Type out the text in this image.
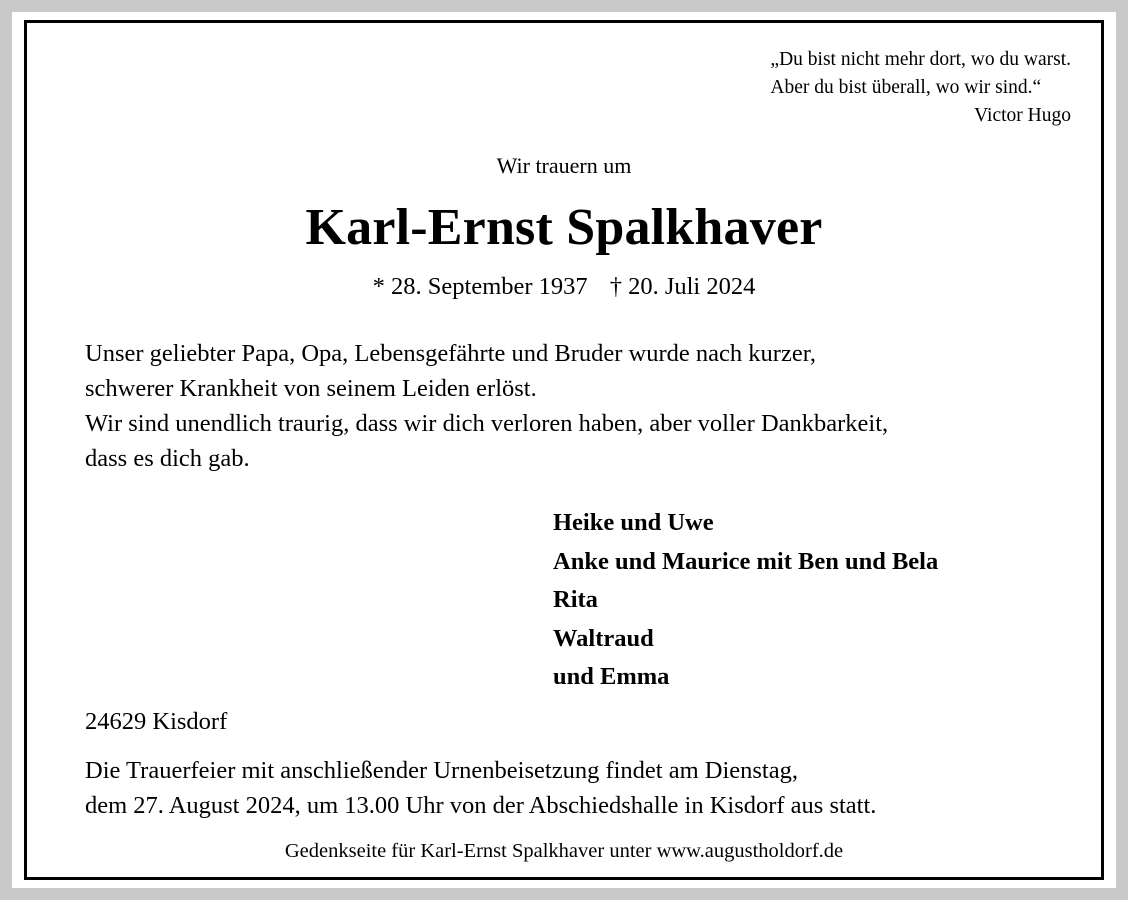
„Du bist nicht mehr dort, wo du warst.
Aber du bist überall, wo wir sind.“
Victor Hugo
Wir trauern um
Karl-Ernst Spalkhaver
* 28. September 1937 † 20. Juli 2024

Unser geliebter Papa, Opa, Lebensgefährte und Bruder wurde nach kurzer,
schwerer Krankheit von seinem Leiden erlöst.

Wir sind unendlich traurig, dass wir dich verloren haben, aber voller Dankbarkeit,
dass es dich gab.

Heike und Uwe
Anke und Maurice mit Ben und Bela
Rita
Waltraud
und Emma
24629 Kisdorf

Die Trauerfeier mit anschließender Urnenbeisetzung findet am Dienstag,

dem 27. August 2024, um 13.00 Uhr von der Abschiedshalle in Kisdorf aus statt.

Gedenkseite für Karl-Ernst Spalkhaver unter www.augustholdorf.de
